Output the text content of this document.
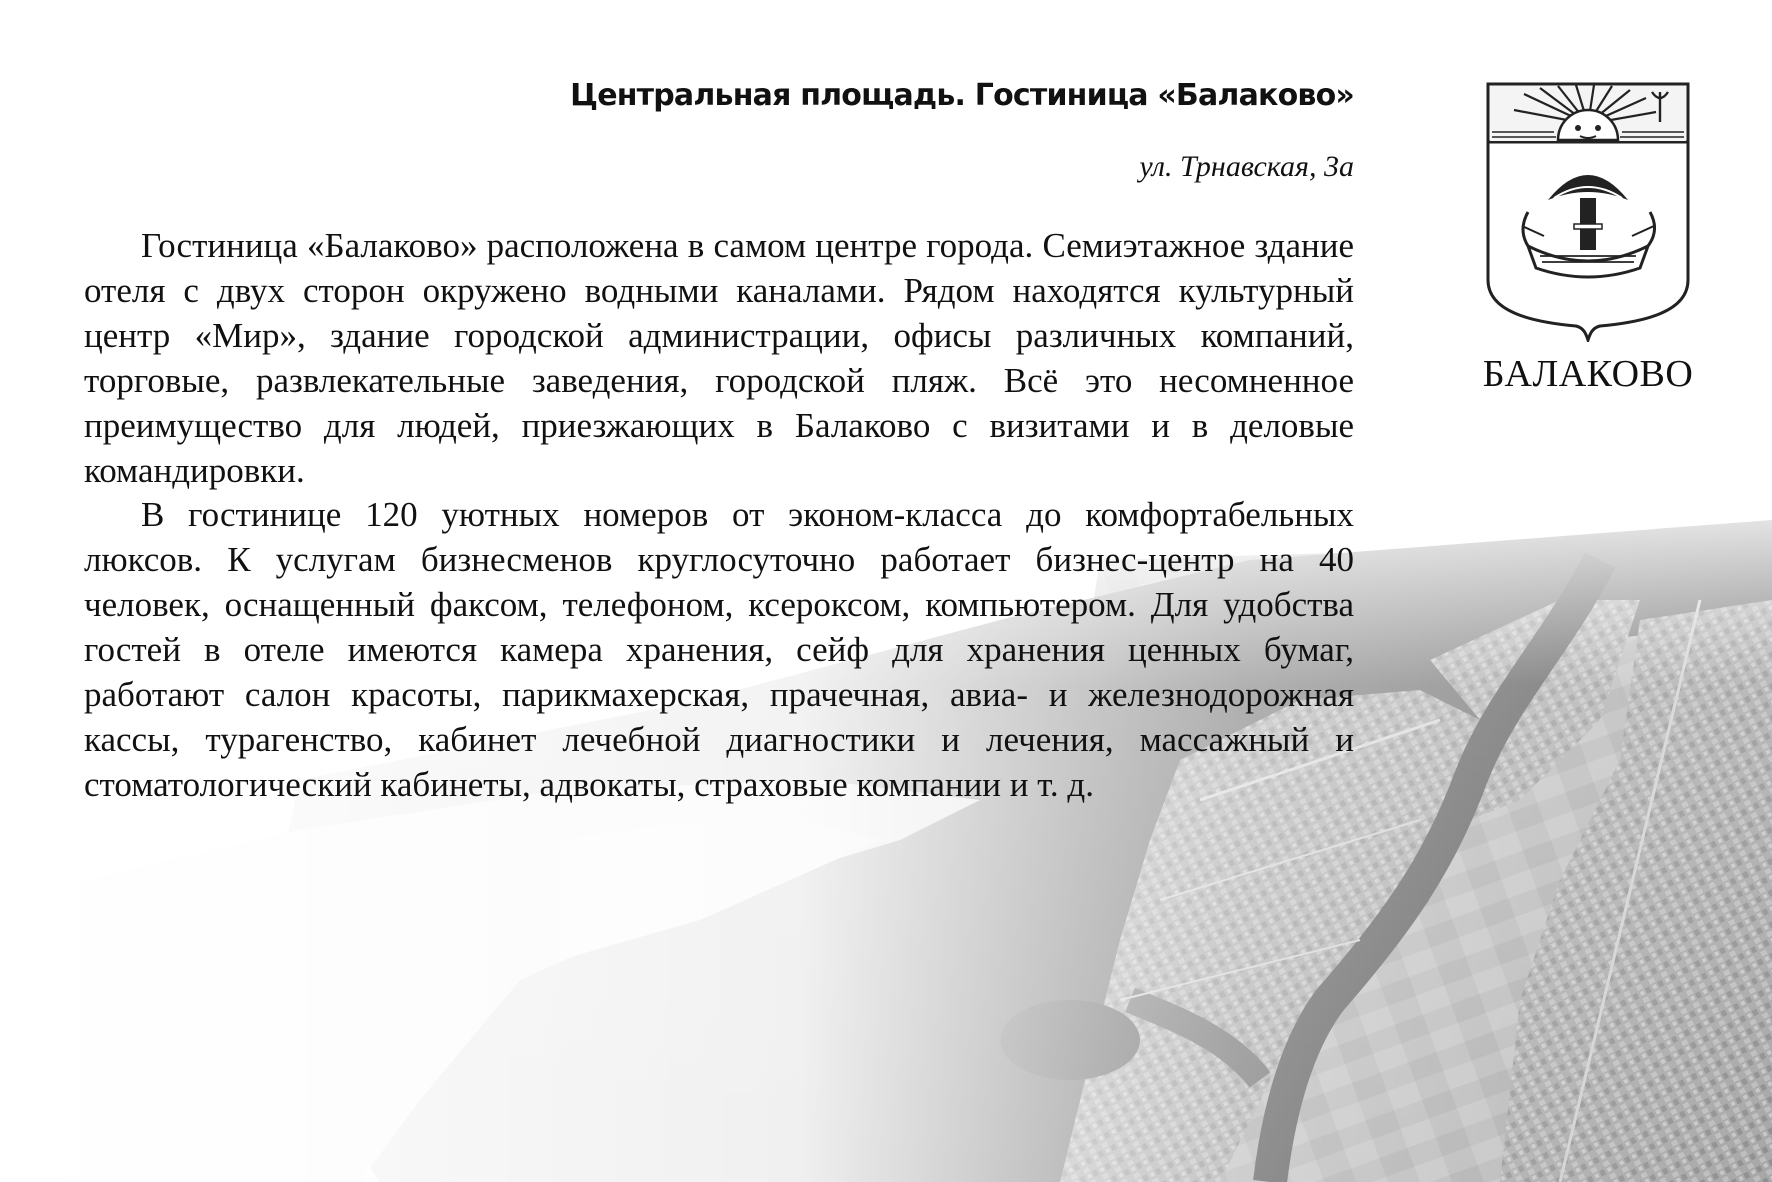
Центральная площадь. Гостиница «Балаково»
ул. Трнавская, 3а

Гостиница «Балаково» расположена в самом центре города. Семиэтажное здание отеля с двух сторон окружено водными каналами. Рядом находятся культурный центр «Мир», здание городской администрации, офисы различных компаний, торговые, развлекательные заведения, городской пляж. Всё это несомненное преимущество для людей, приезжающих в Балаково с визитами и в деловые командировки.

В гостинице 120 уютных номеров от эконом-класса до комфортабельных люксов. К услугам бизнесменов круглосуточно работает бизнес-центр на 40 человек, оснащенный факсом, телефоном, ксероксом, компьютером. Для удобства гостей в отеле имеются камера хранения, сейф для хранения ценных бумаг, работают салон красоты, парикмахерская, прачечная, авиа- и железнодорожная кассы, турагенство, кабинет лечебной диагностики и лечения, массажный и стоматологический кабинеты, адвокаты, страховые компании и т. д.

БАЛАКОВО
